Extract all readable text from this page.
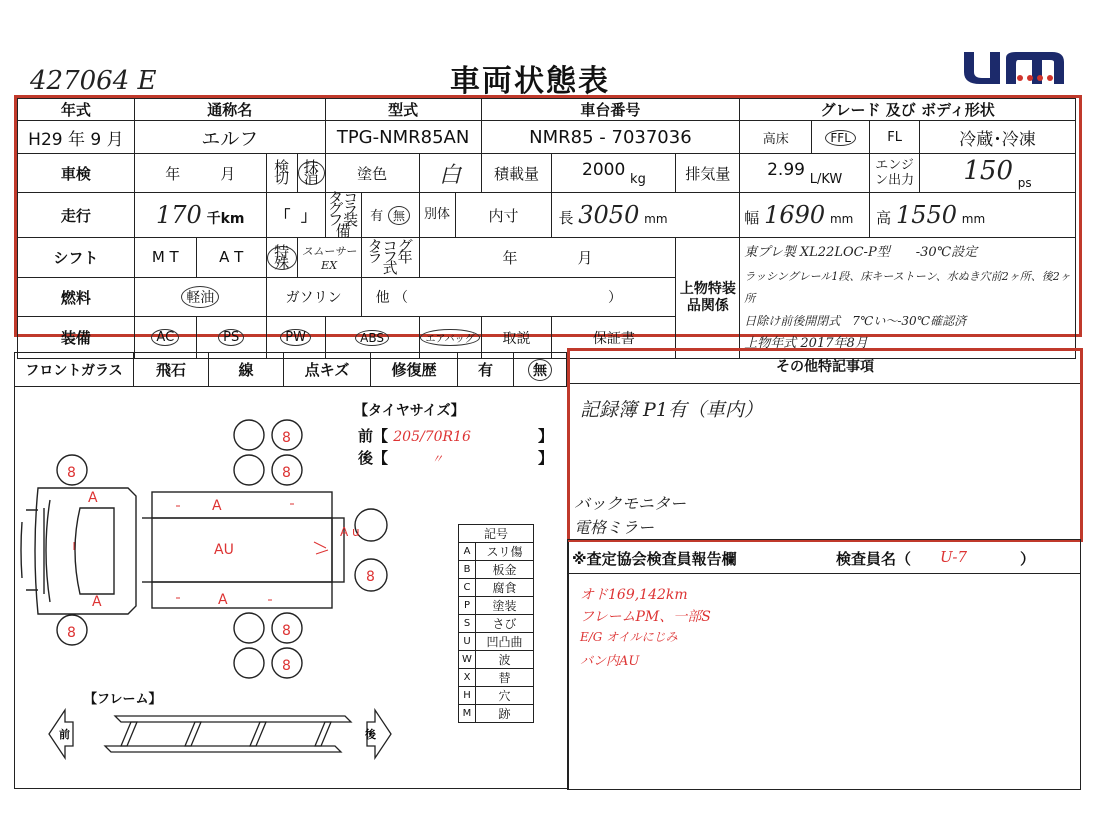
427064 E	車両状態表
年式	通称名				型式				車台番号			グレード 及び ボディ形状			
H29 年 9 月	エルフ				TPG-NMR85AN				NMR85 - 7037036			高床	FFL	FL	冷蔵･冷凍
車検	年 月		検切	抹消	塗色		白		積載量	2000 kg	排気量	2.99 L/KW		エンジン出力	150 $_{ps}$
走行	170 千km		「 」		タコグラフ装備	有 無	別体	内寸		長 3050 mm		幅 1690 mm		高 1550 mm	
シフト	M T	A T	特殊	スムーサー EX		タコグラフ年式	年 月				上物特装品関係	東プレ製 XL22LOC-P型　　-30℃設定
ラッシングレール1段、床キーストーン、水ぬき穴前2ヶ所、後2ヶ所
日除け前後開閉式　7℃い～-30℃確認済
上物年式 2017年8月			

燃料	軽油		ガソリン			他 （ ）									
装備	AC	PS	PW		ABS		エアバッグ		取説	保証書					
フロントガラス	飛石	線	点キズ	修復歴	有	無
【タイヤサイズ】
前【 205/70R16	】
後【	〃	】
8
8
8
8
8
8
8
A
A
A
A
AU
A u
【フレーム】
前	後
記号	
A	スリ傷
B	板金
C	腐食
P	塗装
S	さび
U	凹凸曲
W	波
X	替
H	穴
M	跡
その他特記事項
記録簿 P1有（車内）
バックモニター
電格ミラー
※査定協会検査員報告欄	検査員名（ U-7	）
オド169,142km
フレームPM、一部S
E/G オイルにじみ
バン内AU
